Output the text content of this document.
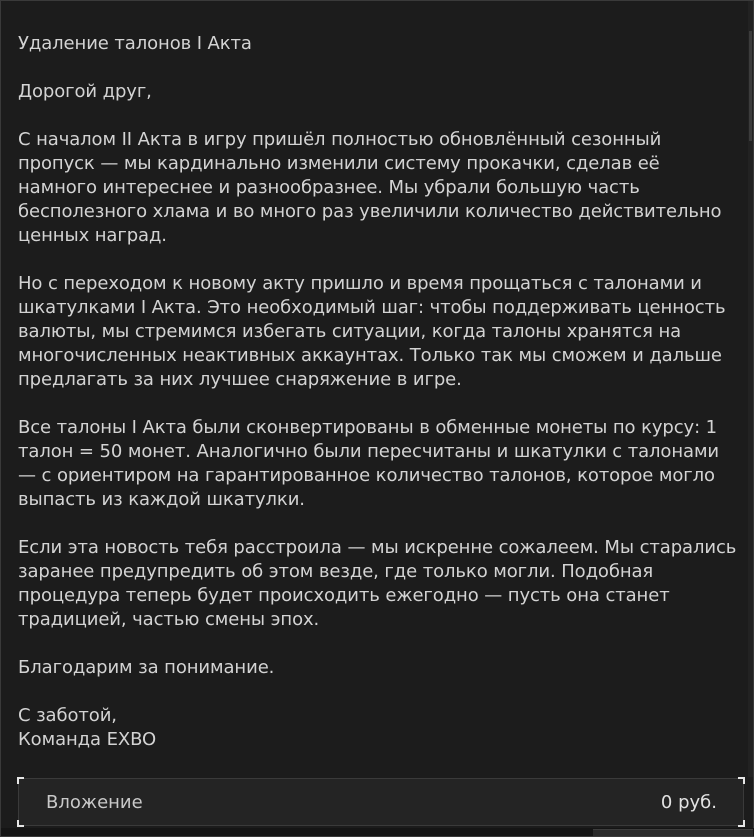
Удаление талонов I Акта

Дорогой друг,

С началом II Акта в игру пришёл полностью обновлённый сезонный пропуск — мы кардинально изменили систему прокачки, сделав её намного интереснее и разнообразнее. Мы убрали большую часть бесполезного хлама и во много раз увеличили количество действительно ценных наград.

Но с переходом к новому акту пришло и время прощаться с талонами и шкатулками I Акта. Это необходимый шаг: чтобы поддерживать ценность валюты, мы стремимся избегать ситуации, когда талоны хранятся на многочисленных неактивных аккаунтах. Только так мы сможем и дальше предлагать за них лучшее снаряжение в игре.

Все талоны I Акта были сконвертированы в обменные монеты по курсу: 1 талон = 50 монет. Аналогично были пересчитаны и шкатулки с талонами — с ориентиром на гарантированное количество талонов, которое могло выпасть из каждой шкатулки.

Если эта новость тебя расстроила — мы искренне сожалеем. Мы старались заранее предупредить об этом везде, где только могли. Подобная процедура теперь будет происходить ежегодно — пусть она станет традицией, частью смены эпох.

Благодарим за понимание.

С заботой,

Команда EXBO

Вложение	0 руб.
